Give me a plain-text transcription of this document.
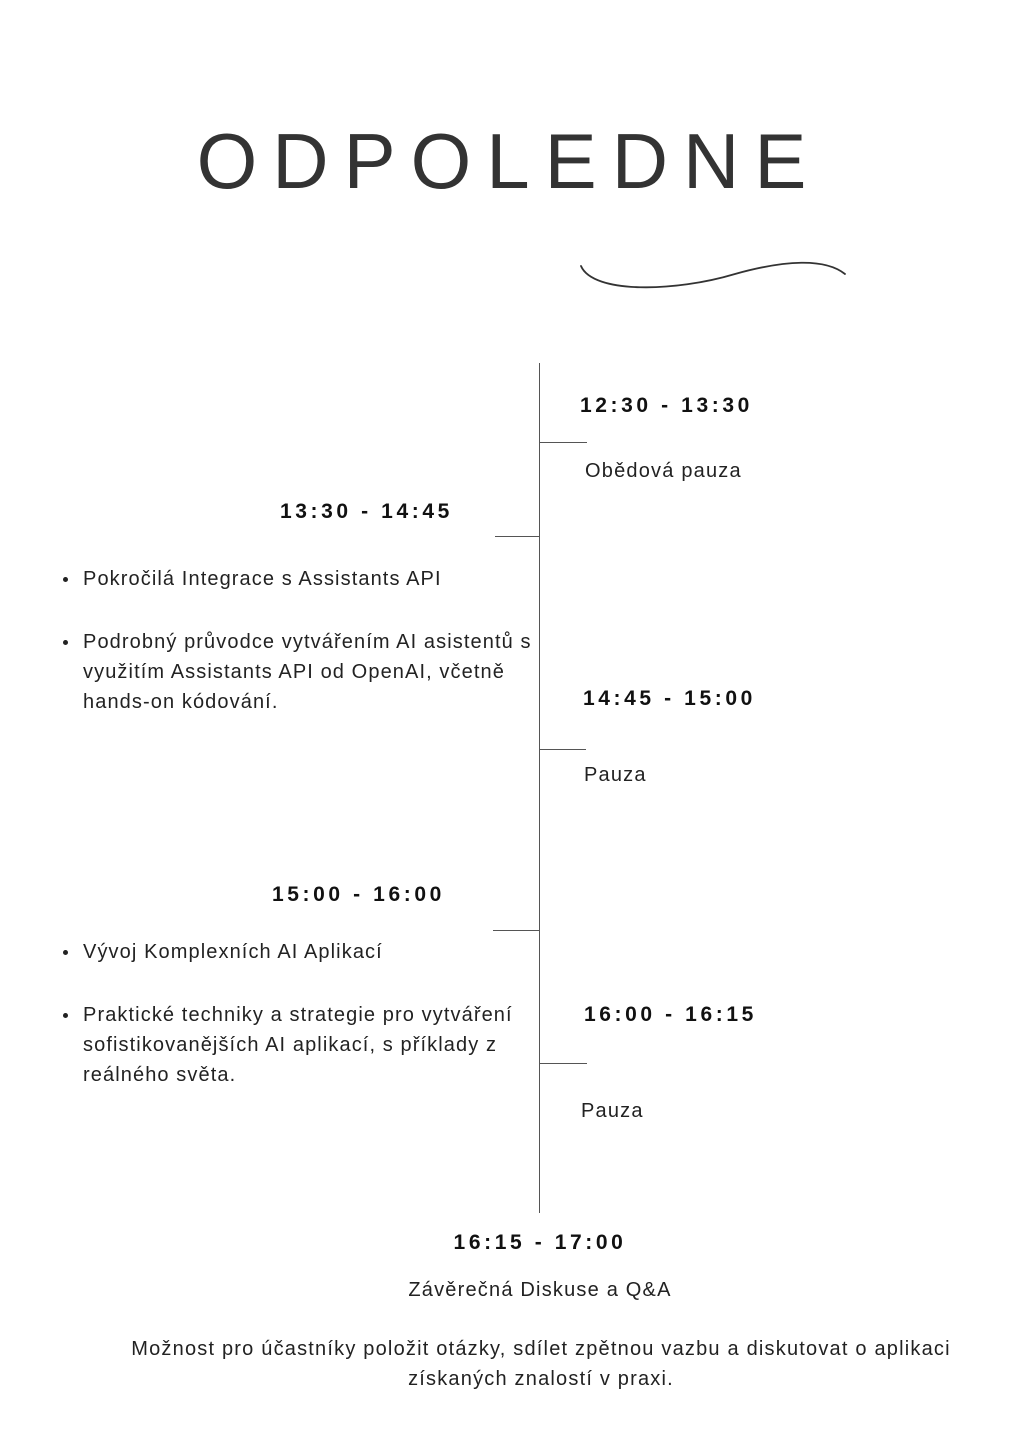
ODPOLEDNE
12:30 - 13:30
Obědová pauza
13:30 - 14:45
Pokročilá Integrace s Assistants API
Podrobný průvodce vytvářením AI asistentů s využitím Assistants API od OpenAI, včetně hands-on kódování.	14:45 - 15:00
Pauza
15:00 - 16:00
Vývoj Komplexních AI Aplikací
Praktické techniky a strategie pro vytváření sofistikovanějších AI aplikací, s příklady z reálného světa.
16:00 - 16:15
Pauza
16:15 - 17:00
Závěrečná Diskuse a Q&A
Možnost pro účastníky položit otázky, sdílet zpětnou vazbu a diskutovat o aplikaci získaných znalostí v praxi.
